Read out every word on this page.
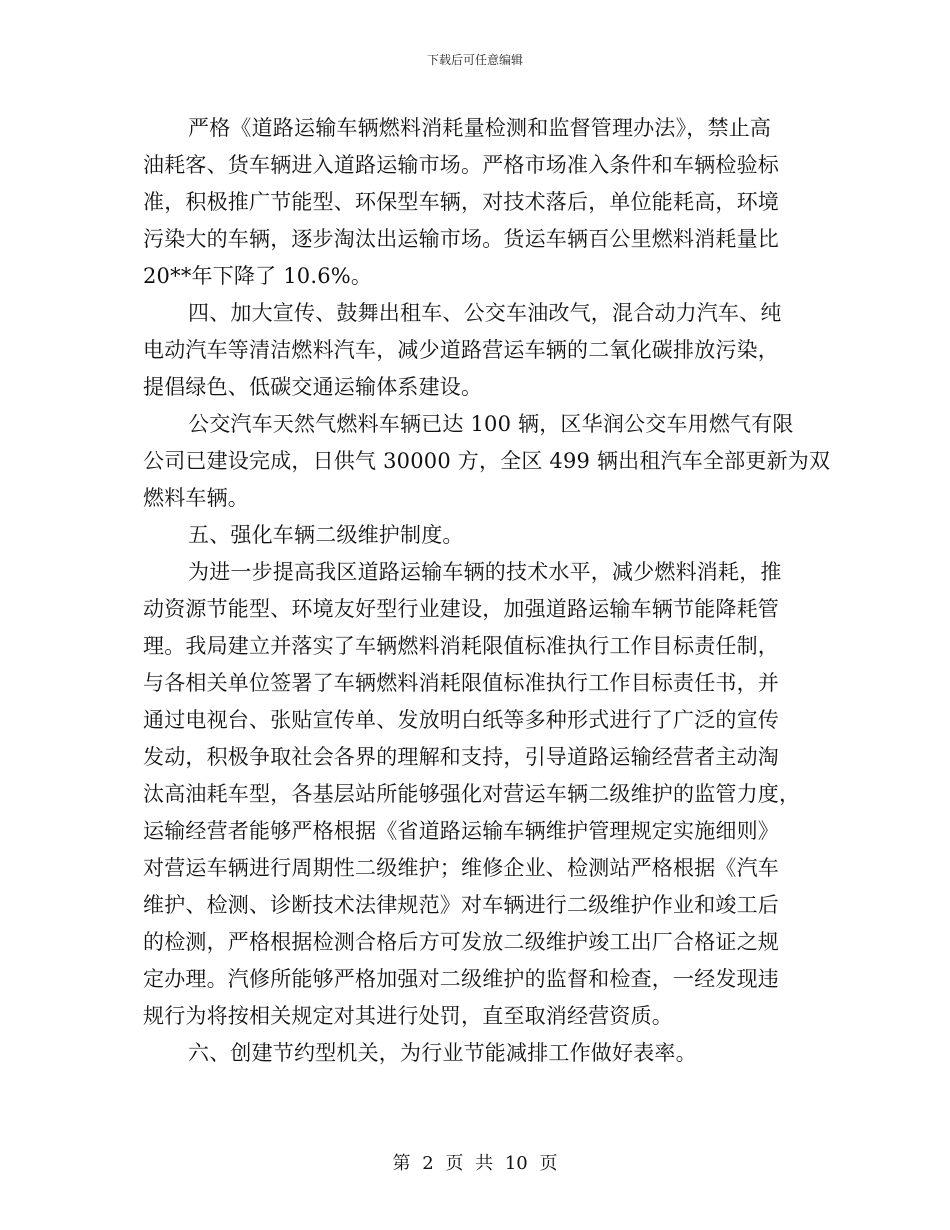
下载后可任意编辑
严格《道路运输车辆燃料消耗量检测和监督管理办法》，禁止高
油耗客、货车辆进入道路运输市场。严格市场准入条件和车辆检验标
准，积极推广节能型、环保型车辆，对技术落后，单位能耗高，环境
污染大的车辆，逐步淘汰出运输市场。货运车辆百公里燃料消耗量比
20**年下降了 10.6%。
四、加大宣传、鼓舞出租车、公交车油改气，混合动力汽车、纯
电动汽车等清洁燃料汽车，减少道路营运车辆的二氧化碳排放污染，
提倡绿色、低碳交通运输体系建设。
公交汽车天然气燃料车辆已达 100 辆，区华润公交车用燃气有限
公司已建设完成，日供气 30000 方，全区 499 辆出租汽车全部更新为双
燃料车辆。
五、强化车辆二级维护制度。
为进一步提高我区道路运输车辆的技术水平，减少燃料消耗，推
动资源节能型、环境友好型行业建设，加强道路运输车辆节能降耗管
理。我局建立并落实了车辆燃料消耗限值标准执行工作目标责任制，
与各相关单位签署了车辆燃料消耗限值标准执行工作目标责任书，并
通过电视台、张贴宣传单、发放明白纸等多种形式进行了广泛的宣传
发动，积极争取社会各界的理解和支持，引导道路运输经营者主动淘
汰高油耗车型，各基层站所能够强化对营运车辆二级维护的监管力度，
运输经营者能够严格根据《省道路运输车辆维护管理规定实施细则》
对营运车辆进行周期性二级维护；维修企业、检测站严格根据《汽车
维护、检测、诊断技术法律规范》对车辆进行二级维护作业和竣工后
的检测，严格根据检测合格后方可发放二级维护竣工出厂合格证之规
定办理。汽修所能够严格加强对二级维护的监督和检查，一经发现违
规行为将按相关规定对其进行处罚，直至取消经营资质。
六、创建节约型机关，为行业节能减排工作做好表率。
第 2 页 共 10 页
